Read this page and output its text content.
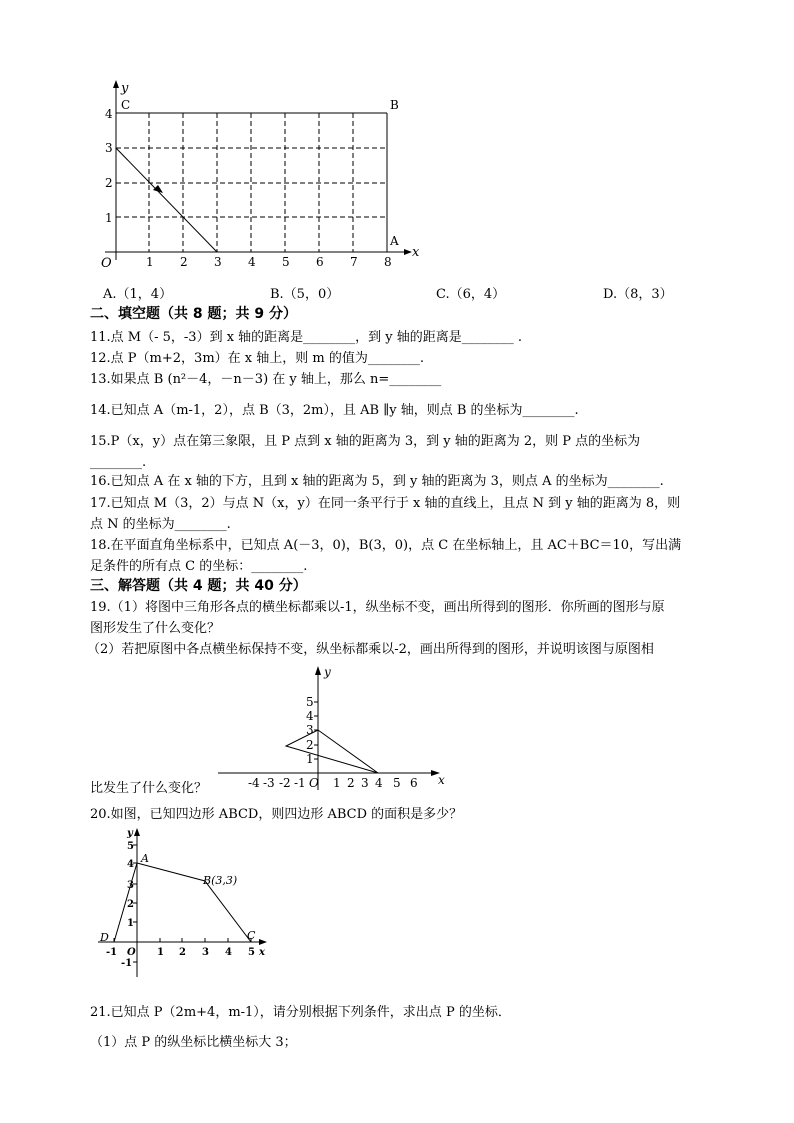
y
x
O
C	B
A
4
3
2
1
1 2 3 4 5 6 7 8
A.（1，4）	B.（5，0）	C.（6，4）	D.（8，3）
二、填空题（共 8 题；共 9 分）
11.点 M（- 5，-3）到 x 轴的距离是________，到 y 轴的距离是________ .
12.点 P（m+2，3m）在 x 轴上，则 m 的值为________.
13.如果点 B (n²－4，－n－3) 在 y 轴上，那么 n=________
14.已知点 A（m-1，2），点 B（3，2m），且 AB ∥y 轴，则点 B 的坐标为________.
15.P（x，y）点在第三象限，且 P 点到 x 轴的距离为 3，到 y 轴的距离为 2，则 P 点的坐标为
________.
16.已知点 A 在 x 轴的下方，且到 x 轴的距离为 5，到 y 轴的距离为 3，则点 A 的坐标为________.
17.已知点 M（3，2）与点 N（x，y）在同一条平行于 x 轴的直线上，且点 N 到 y 轴的距离为 8，则
点 N 的坐标为________.
18.在平面直角坐标系中，已知点 A(－3，0)，B(3，0)，点 C 在坐标轴上，且 AC＋BC＝10，写出满
足条件的所有点 C 的坐标：________.
三、解答题（共 4 题；共 40 分）
19.（1）将图中三角形各点的横坐标都乘以-1，纵坐标不变，画出所得到的图形．你所画的图形与原
图形发生了什么变化？
（2）若把原图中各点横坐标保持不变，纵坐标都乘以-2，画出所得到的图形，并说明该图与原图相
比发生了什么变化？
y
x
5
4
3
2
1
-4 -3 -2 -1 O 1 2 3 4 5 6
20.如图，已知四边形 ABCD，则四边形 ABCD 的面积是多少？
y
x
5
4
3
2
1
-1
O
-1	1 2 3 4 5
A
B(3,3)
C
D
21.已知点 P（2m+4，m-1），请分别根据下列条件，求出点 P 的坐标．
（1）点 P 的纵坐标比横坐标大 3；
